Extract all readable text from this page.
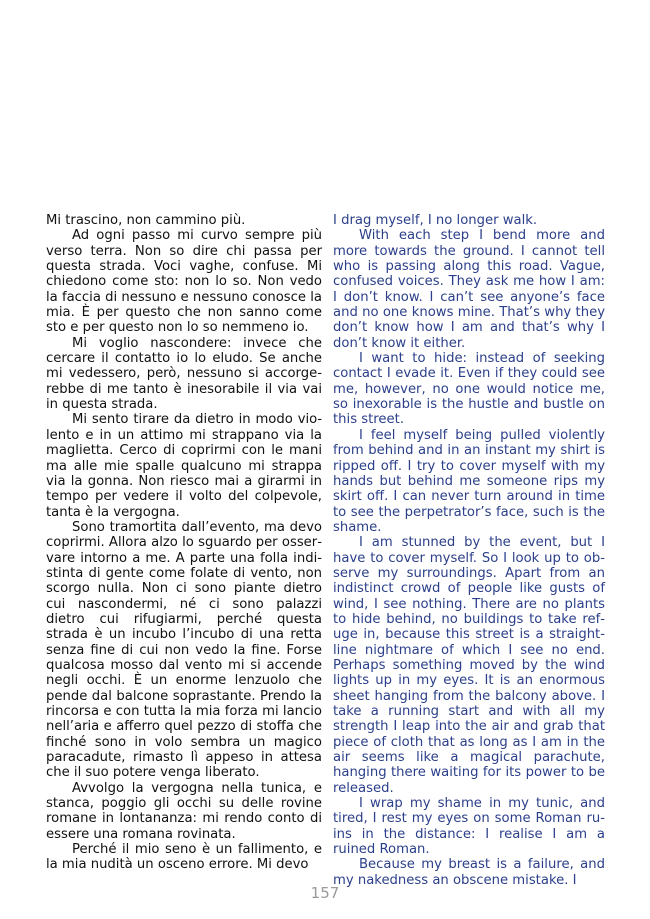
Mi trascino, non cammino più.

Ad ogni passo mi curvo sempre più verso terra. Non so dire chi passa per questa strada. Voci vaghe, confuse. Mi chiedono come sto: non lo so. Non vedo la faccia di nessuno e nessuno conosce la mia. È per questo che non sanno come sto e per questo non lo so nemmeno io.

Mi voglio nascondere: invece che cercare il contatto io lo eludo. Se anche mi vedessero, però, nessuno si accorgerebbe di me tanto è inesorabile il via vai in questa strada.

Mi sento tirare da dietro in modo violento e in un attimo mi strappano via la maglietta. Cerco di coprirmi con le mani ma alle mie spalle qualcuno mi strappa via la gonna. Non riesco mai a girarmi in tempo per vedere il volto del colpevole, tanta è la vergogna.

Sono tramortita dall’evento, ma devo coprirmi. Allora alzo lo sguardo per osservare intorno a me. A parte una folla indistinta di gente come folate di vento, non scorgo nulla. Non ci sono piante dietro cui nascondermi, né ci sono palazzi dietro cui rifugiarmi, perché questa strada è un incubo l’incubo di una retta senza fine di cui non vedo la fine. Forse qualcosa mosso dal vento mi si accende negli occhi. È un enorme lenzuolo che pende dal balcone soprastante. Prendo la rincorsa e con tutta la mia forza mi lancio nell’aria e afferro quel pezzo di stoffa che finché sono in volo sembra un magico paracadute, rimasto lì appeso in attesa che il suo potere venga liberato.

Avvolgo la vergogna nella tunica, e stanca, poggio gli occhi su delle rovine romane in lontananza: mi rendo conto di essere una romana rovinata.

Perché il mio seno è un fallimento, e la mia nudità un osceno errore. Mi devo

I drag myself, I no longer walk.

With each step I bend more and more towards the ground. I cannot tell who is passing along this road. Vague, confused voices. They ask me how I am: I don’t know. I can’t see anyone’s face and no one knows mine. That’s why they don’t know how I am and that’s why I don’t know it either.

I want to hide: instead of seeking contact I evade it. Even if they could see me, however, no one would notice me, so inexorable is the hustle and bustle on this street.

I feel myself being pulled violently from behind and in an instant my shirt is ripped off. I try to cover myself with my hands but behind me someone rips my skirt off. I can never turn around in time to see the perpetrator’s face, such is the shame.

I am stunned by the event, but I have to cover myself. So I look up to observe my surroundings. Apart from an indistinct crowd of people like gusts of wind, I see nothing. There are no plants to hide behind, no buildings to take refuge in, because this street is a straightline nightmare of which I see no end. Perhaps something moved by the wind lights up in my eyes. It is an enormous sheet hanging from the balcony above. I take a running start and with all my strength I leap into the air and grab that piece of cloth that as long as I am in the air seems like a magical parachute, hanging there waiting for its power to be released.

I wrap my shame in my tunic, and tired, I rest my eyes on some Roman ruins in the distance: I realise I am a ruined Roman.

Because my breast is a failure, and my nakedness an obscene mistake. I

157
